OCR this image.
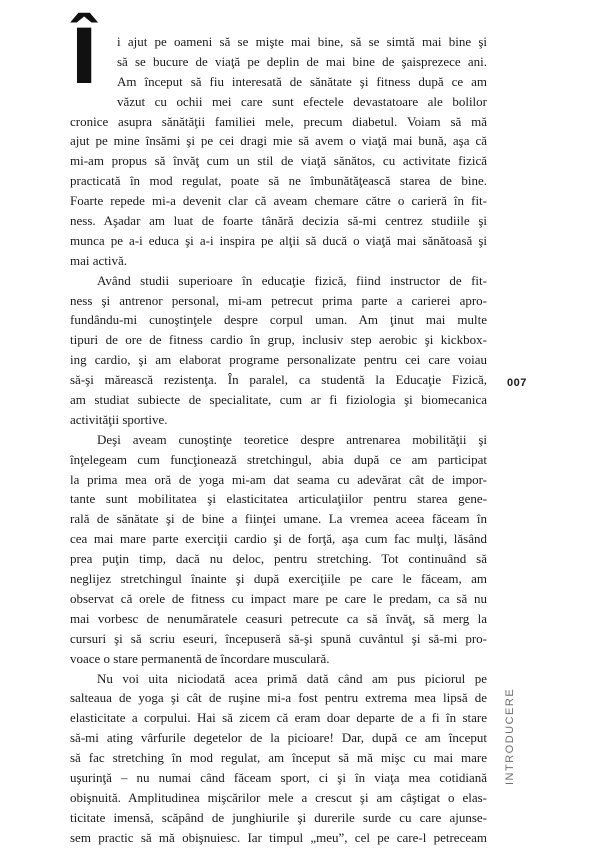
Î	i ajut pe oameni să se mişte mai bine, să se simtă mai bine şi
să se bucure de viaţă pe deplin de mai bine de şaisprezece ani.
Am început să fiu interesată de sănătate şi fitness după ce am
văzut cu ochii mei care sunt efectele devastatoare ale bolilor
cronice asupra sănătăţii familiei mele, precum diabetul. Voiam să mă
ajut pe mine însămi şi pe cei dragi mie să avem o viaţă mai bună, aşa că
mi-am propus să învăţ cum un stil de viaţă sănătos, cu activitate fizică
practicată în mod regulat, poate să ne îmbunătăţească starea de bine.
Foarte repede mi-a devenit clar că aveam chemare către o carieră în fit-
ness. Aşadar am luat de foarte tânără decizia să-mi centrez studiile şi
munca pe a-i educa şi a-i inspira pe alţii să ducă o viaţă mai sănătoasă şi
mai activă.
Având studii superioare în educaţie fizică, fiind instructor de fit-
ness şi antrenor personal, mi-am petrecut prima parte a carierei apro-
fundându-mi cunoştinţele despre corpul uman. Am ţinut mai multe
tipuri de ore de fitness cardio în grup, inclusiv step aerobic şi kickbox-
ing cardio, şi am elaborat programe personalizate pentru cei care voiau
să-şi mărească rezistenţa. În paralel, ca studentă la Educaţie Fizică,
am studiat subiecte de specialitate, cum ar fi fiziologia şi biomecanica
activităţii sportive.
Deşi aveam cunoştinţe teoretice despre antrenarea mobilităţii şi
înţelegeam cum funcţionează stretchingul, abia după ce am participat
la prima mea oră de yoga mi-am dat seama cu adevărat cât de impor-
tante sunt mobilitatea şi elasticitatea articulaţiilor pentru starea gene-
rală de sănătate şi de bine a fiinţei umane. La vremea aceea făceam în
cea mai mare parte exerciţii cardio şi de forţă, aşa cum fac mulţi, lăsând
prea puţin timp, dacă nu deloc, pentru stretching. Tot continuând să
neglijez stretchingul înainte şi după exerciţiile pe care le făceam, am
observat că orele de fitness cu impact mare pe care le predam, ca să nu
mai vorbesc de nenumăratele ceasuri petrecute ca să învăţ, să merg la
cursuri şi să scriu eseuri, începuseră să-şi spună cuvântul şi să-mi pro-
voace o stare permanentă de încordare musculară.
Nu voi uita niciodată acea primă dată când am pus piciorul pe
salteaua de yoga şi cât de ruşine mi-a fost pentru extrema mea lipsă de
elasticitate a corpului. Hai să zicem că eram doar departe de a fi în stare
să-mi ating vârfurile degetelor de la picioare! Dar, după ce am început
să fac stretching în mod regulat, am început să mă mişc cu mai mare
uşurinţă – nu numai când făceam sport, ci şi în viaţa mea cotidiană
obişnuită. Amplitudinea mişcărilor mele a crescut şi am câştigat o elas-
ticitate imensă, scăpând de junghiurile şi durerile surde cu care ajunse-
sem practic să mă obişnuiesc. Iar timpul „meu”, cel pe care-l petreceam
007
INTRODUCERE
